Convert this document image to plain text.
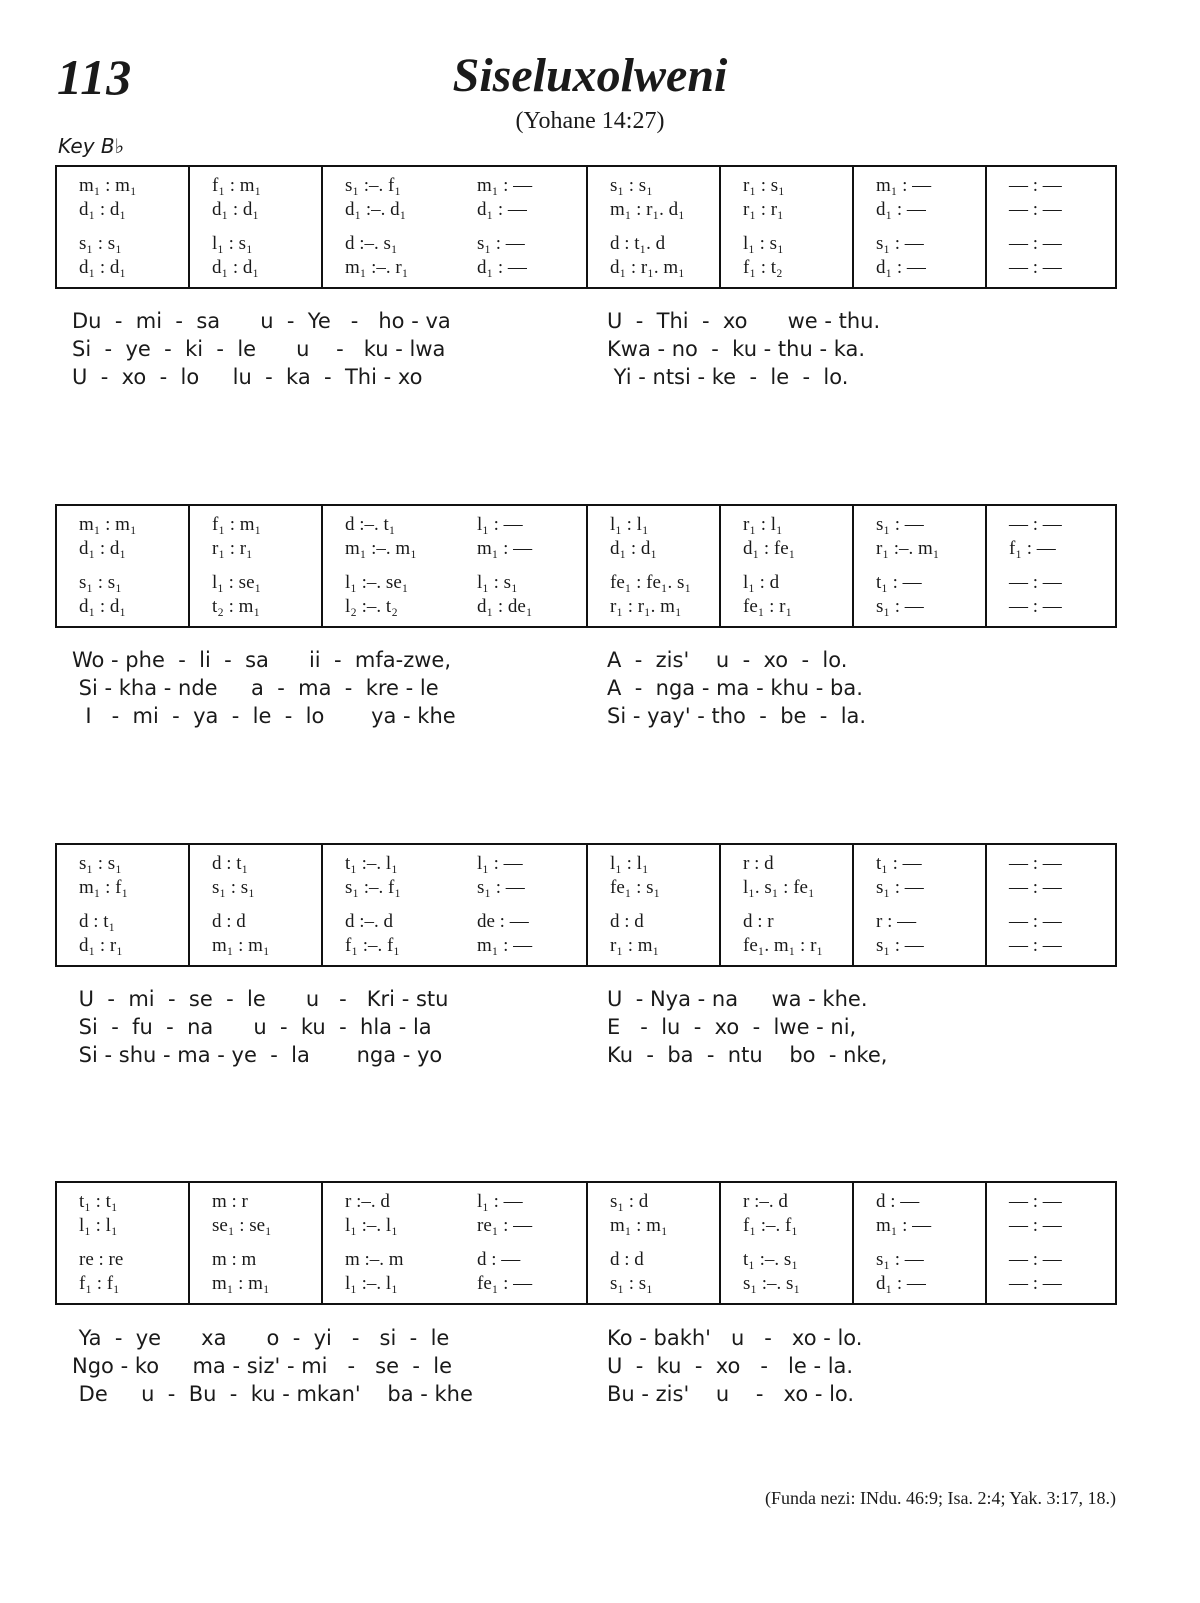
113	Siseluxolweni
(Yohane 14:27)
Key B♭
m₁ : m₁	f₁ : m₁	s₁ :–. f₁	m₁ : —	s₁ : s₁	r₁ : s₁	m₁ : —	— : —
d₁ : d₁	d₁ : d₁	d₁ :–. d₁	d₁ : —	m₁ : r₁. d₁	r₁ : r₁	d₁ : —	— : —
s₁ : s₁	l₁ : s₁	d :–. s₁	s₁ : —	d : t₁. d	l₁ : s₁	s₁ : —	— : —
d₁ : d₁	d₁ : d₁	m₁ :–. r₁	d₁ : —	d₁ : r₁. m₁	f₁ : t₂	d₁ : —	— : —
Du  -  mi  -  sa      u  -  Ye   -   ho - va	U  -  Thi  -  xo      we - thu.
Si  -  ye  -  ki  -  le      u    -   ku - lwa	Kwa - no  -  ku - thu - ka.
U  -  xo  -  lo     lu  -  ka  -  Thi - xo	Yi - ntsi - ke  -  le  -  lo.
m₁ : m₁	f₁ : m₁	d :–. t₁	l₁ : —	l₁ : l₁	r₁ : l₁	s₁ : —	— : —
d₁ : d₁	r₁ : r₁	m₁ :–. m₁	m₁ : —	d₁ : d₁	d₁ : fe₁	r₁ :–. m₁	f₁ : —
s₁ : s₁	l₁ : se₁	l₁ :–. se₁	l₁ : s₁	fe₁ : fe₁. s₁	l₁ : d	t₁ : —	— : —
d₁ : d₁	t₂ : m₁	l₂ :–. t₂	d₁ : de₁	r₁ : r₁. m₁	fe₁ : r₁	s₁ : —	— : —
Wo - phe  -  li  -  sa      ii  -  mfa-zwe,	A  -  zis'    u  -  xo  -  lo.
Si - kha - nde     a  -  ma  -  kre - le	A  -  nga - ma - khu - ba.
I   -  mi  -  ya  -  le  -  lo       ya - khe	Si - yay' - tho  -  be  -  la.
s₁ : s₁	d : t₁	t₁ :–. l₁	l₁ : —	l₁ : l₁	r : d	t₁ : —	— : —
m₁ : f₁	s₁ : s₁	s₁ :–. f₁	s₁ : —	fe₁ : s₁	l₁. s₁ : fe₁	s₁ : —	— : —
d : t₁	d : d	d :–. d	de : —	d : d	d : r	r : —	— : —
d₁ : r₁	m₁ : m₁	f₁ :–. f₁	m₁ : —	r₁ : m₁	fe₁. m₁ : r₁	s₁ : —	— : —
U  -  mi  -  se  -  le      u   -   Kri - stu	U  - Nya - na     wa - khe.
Si  -  fu  -  na      u  -  ku  -  hla - la	E   -  lu  -  xo  -  lwe - ni,
Si - shu - ma - ye  -  la       nga - yo	Ku  -  ba  -  ntu    bo  - nke,
t₁ : t₁	m : r	r :–. d	l₁ : —	s₁ : d	r :–. d	d : —	— : —
l₁ : l₁	se₁ : se₁	l₁ :–. l₁	re₁ : —	m₁ : m₁	f₁ :–. f₁	m₁ : —	— : —
re : re	m : m	m :–. m	d : —	d : d	t₁ :–. s₁	s₁ : —	— : —
f₁ : f₁	m₁ : m₁	l₁ :–. l₁	fe₁ : —	s₁ : s₁	s₁ :–. s₁	d₁ : —	— : —
Ya  -  ye      xa      o  -  yi   -   si  -  le	Ko - bakh'   u   -   xo - lo.
Ngo - ko     ma - siz' - mi   -   se  -  le	U  -  ku  -  xo   -   le - la.
De     u  -  Bu  -  ku - mkan'    ba - khe	Bu - zis'    u    -   xo - lo.
(Funda nezi: INdu. 46:9; Isa. 2:4; Yak. 3:17, 18.)
